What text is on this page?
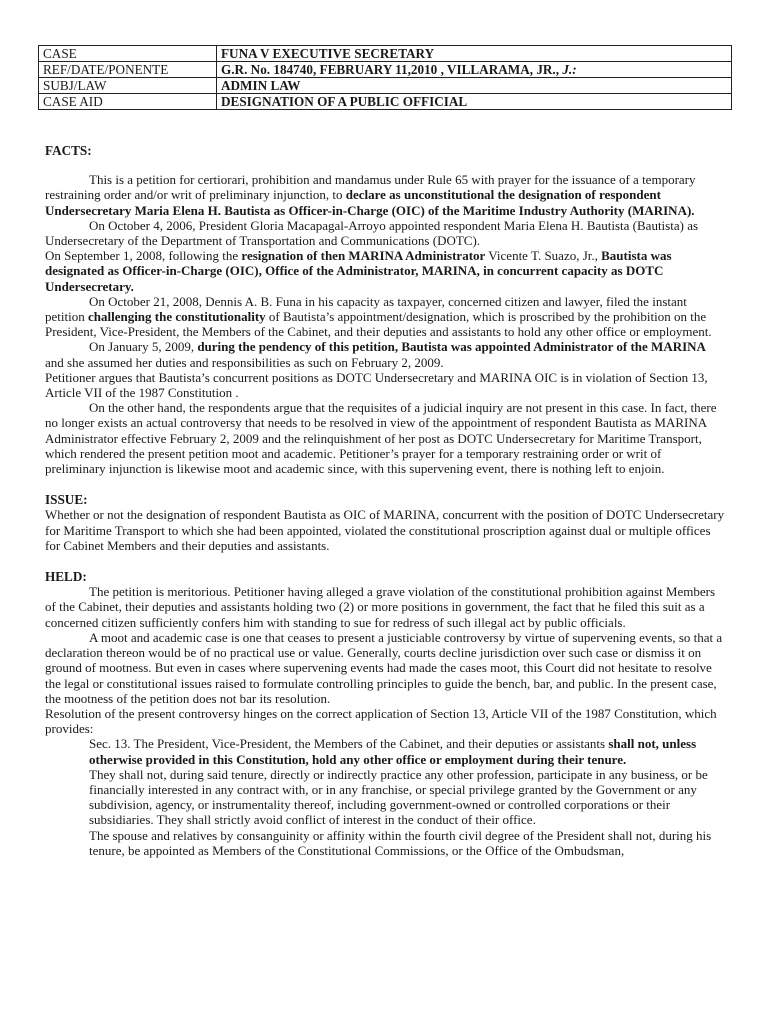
CASE	FUNA V EXECUTIVE SECRETARY
REF/DATE/PONENTE	G.R. No. 184740, FEBRUARY 11,2010 , VILLARAMA, JR., J.:
SUBJ/LAW	ADMIN LAW
CASE AID	DESIGNATION OF A PUBLIC OFFICIAL
FACTS:

This is a petition for certiorari, prohibition and mandamus under Rule 65 with prayer for the issuance of a temporary restraining order and/or writ of preliminary injunction, to declare as unconstitutional the designation of respondent Undersecretary Maria Elena H. Bautista as Officer-in-Charge (OIC) of the Maritime Industry Authority (MARINA).

On October 4, 2006, President Gloria Macapagal-Arroyo appointed respondent Maria Elena H. Bautista (Bautista) as Undersecretary of the Department of Transportation and Communications (DOTC).

On September 1, 2008, following the resignation of then MARINA Administrator Vicente T. Suazo, Jr., Bautista was designated as Officer-in-Charge (OIC), Office of the Administrator, MARINA, in concurrent capacity as DOTC Undersecretary.

On October 21, 2008, Dennis A. B. Funa in his capacity as taxpayer, concerned citizen and lawyer, filed the instant petition challenging the constitutionality of Bautista’s appointment/designation, which is proscribed by the prohibition on the President, Vice-President, the Members of the Cabinet, and their deputies and assistants to hold any other office or employment.

On January 5, 2009, during the pendency of this petition, Bautista was appointed Administrator of the MARINA and she assumed her duties and responsibilities as such on February 2, 2009.

Petitioner argues that Bautista’s concurrent positions as DOTC Undersecretary and MARINA OIC is in violation of Section 13, Article VII of the 1987 Constitution .

On the other hand, the respondents argue that the requisites of a judicial inquiry are not present in this case. In fact, there no longer exists an actual controversy that needs to be resolved in view of the appointment of respondent Bautista as MARINA Administrator effective February 2, 2009 and the relinquishment of her post as DOTC Undersecretary for Maritime Transport, which rendered the present petition moot and academic. Petitioner’s prayer for a temporary restraining order or writ of preliminary injunction is likewise moot and academic since, with this supervening event, there is nothing left to enjoin.

ISSUE:

Whether or not the designation of respondent Bautista as OIC of MARINA, concurrent with the position of DOTC Undersecretary for Maritime Transport to which she had been appointed, violated the constitutional proscription against dual or multiple offices for Cabinet Members and their deputies and assistants.

HELD:

The petition is meritorious. Petitioner having alleged a grave violation of the constitutional prohibition against Members of the Cabinet, their deputies and assistants holding two (2) or more positions in government, the fact that he filed this suit as a concerned citizen sufficiently confers him with standing to sue for redress of such illegal act by public officials.

A moot and academic case is one that ceases to present a justiciable controversy by virtue of supervening events, so that a declaration thereon would be of no practical use or value. Generally, courts decline jurisdiction over such case or dismiss it on ground of mootness. But even in cases where supervening events had made the cases moot, this Court did not hesitate to resolve the legal or constitutional issues raised to formulate controlling principles to guide the bench, bar, and public. In the present case, the mootness of the petition does not bar its resolution.

Resolution of the present controversy hinges on the correct application of Section 13, Article VII of the 1987 Constitution, which provides:

Sec. 13. The President, Vice-President, the Members of the Cabinet, and their deputies or assistants shall not, unless otherwise provided in this Constitution, hold any other office or employment during their tenure.

They shall not, during said tenure, directly or indirectly practice any other profession, participate in any business, or be financially interested in any contract with, or in any franchise, or special privilege granted by the Government or any subdivision, agency, or instrumentality thereof, including government-owned or controlled corporations or their subsidiaries. They shall strictly avoid conflict of interest in the conduct of their office.

The spouse and relatives by consanguinity or affinity within the fourth civil degree of the President shall not, during his tenure, be appointed as Members of the Constitutional Commissions, or the Office of the Ombudsman,
